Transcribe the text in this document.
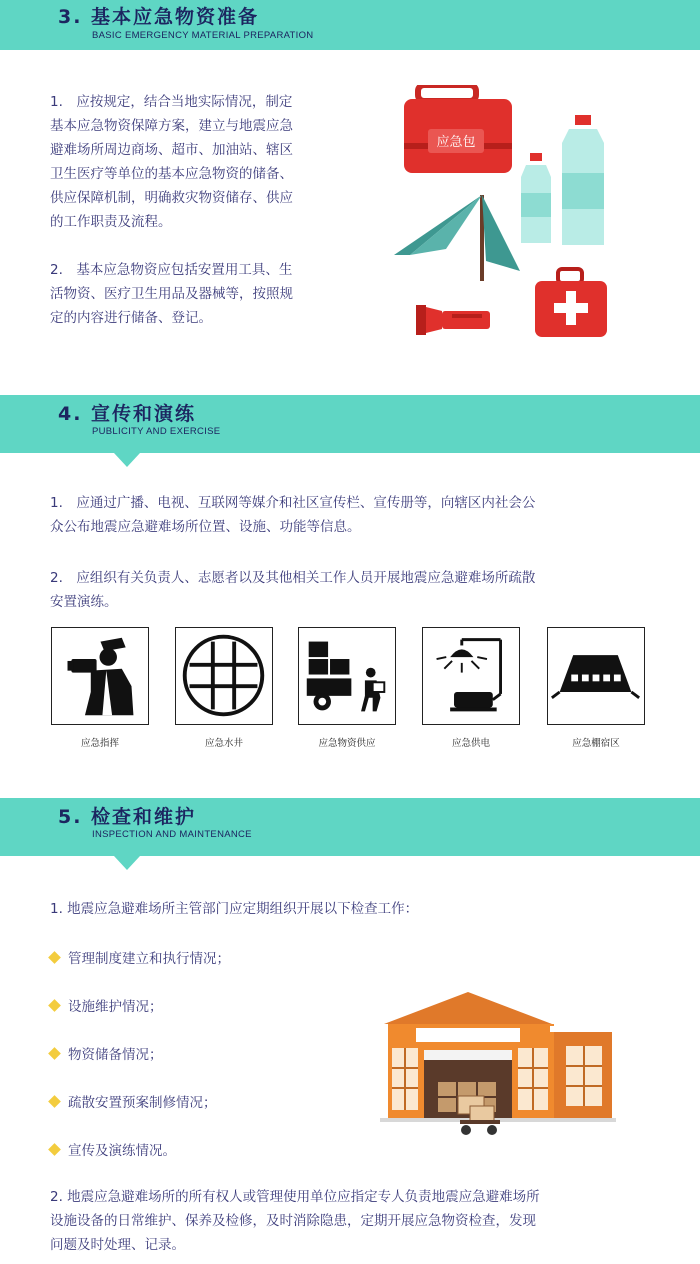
3. 基本应急物资准备
BASIC EMERGENCY MATERIAL PREPARATION
1.　应按规定，结合当地实际情况，制定
基本应急物资保障方案，建立与地震应急
避难场所周边商场、超市、加油站、辖区
卫生医疗等单位的基本应急物资的储备、
供应保障机制，明确救灾物资储存、供应
的工作职责及流程。
2.　基本应急物资应包括安置用工具、生
活物资、医疗卫生用品及器械等，按照规
定的内容进行储备、登记。
应急包
4. 宣传和演练
PUBLICITY AND EXERCISE
1.　应通过广播、电视、互联网等媒介和社区宣传栏、宣传册等，向辖区内社会公
众公布地震应急避难场所位置、设施、功能等信息。
2.　应组织有关负责人、志愿者以及其他相关工作人员开展地震应急避难场所疏散
安置演练。
应急指挥	应急水井	应急物资供应	应急供电	应急棚宿区
5. 检查和维护
INSPECTION AND MAINTENANCE
1. 地震应急避难场所主管部门应定期组织开展以下检查工作：
管理制度建立和执行情况；
设施维护情况；
物资储备情况；
疏散安置预案制修情况；
宣传及演练情况。
2. 地震应急避难场所的所有权人或管理使用单位应指定专人负责地震应急避难场所
设施设备的日常维护、保养及检修，及时消除隐患，定期开展应急物资检查，发现
问题及时处理、记录。
